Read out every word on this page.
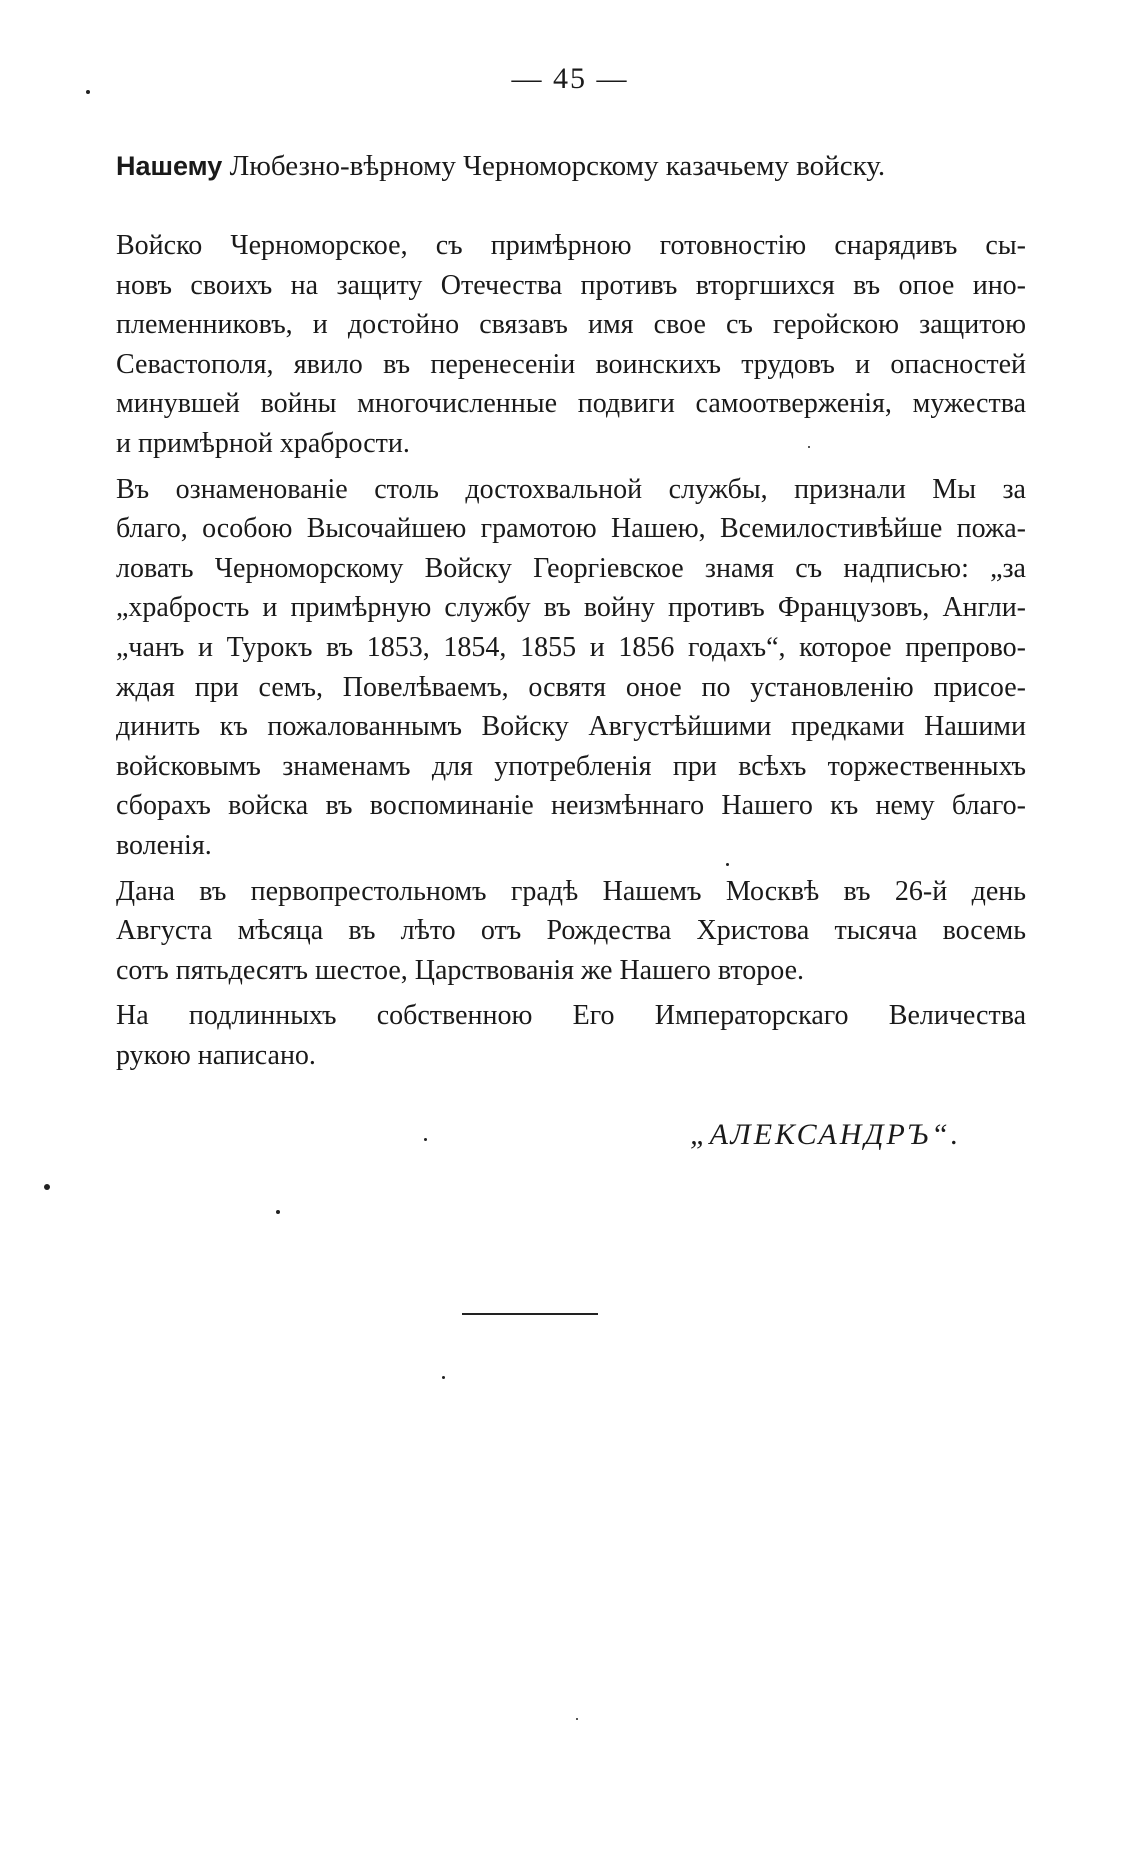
— 45 —
Нашему Любезно-вѣрному Черноморскому казачьему войску.
Войско Черноморское, съ примѣрною готовностію снарядивъ сы-
новъ своихъ на защиту Отечества противъ вторгшихся въ опое ино-
племенниковъ, и достойно связавъ имя свое съ геройскою защитою
Севастополя, явило въ перенесеніи воинскихъ трудовъ и опасностей
минувшей войны многочисленные подвиги самоотверженія, мужества
и примѣрной храбрости.
Въ ознаменованіе столь достохвальной службы, признали Мы за
благо, особою Высочайшею грамотою Нашею, Всемилостивѣйше пожа-
ловать Черноморскому Войску Георгіевское знамя съ надписью: „за
„храбрость и примѣрную службу въ войну противъ Французовъ, Англи-
„чанъ и Турокъ въ 1853, 1854, 1855 и 1856 годахъ“, которое препрово-
ждая при семъ, Повелѣваемъ, освятя оное по установленію присое-
динить къ пожалованнымъ Войску Августѣйшими предками Нашими
войсковымъ знаменамъ для употребленія при всѣхъ торжественныхъ
сборахъ войска въ воспоминаніе неизмѣннаго Нашего къ нему благо-
воленія.
Дана въ первопрестольномъ градѣ Нашемъ Москвѣ въ 26-й день
Августа мѣсяца въ лѣто отъ Рождества Христова тысяча восемь
сотъ пятьдесятъ шестое, Царствованія же Нашего второе.
На подлинныхъ собственною Его Императорскаго Величества
рукою написано.
„АЛЕКСАНДРЪ“.
